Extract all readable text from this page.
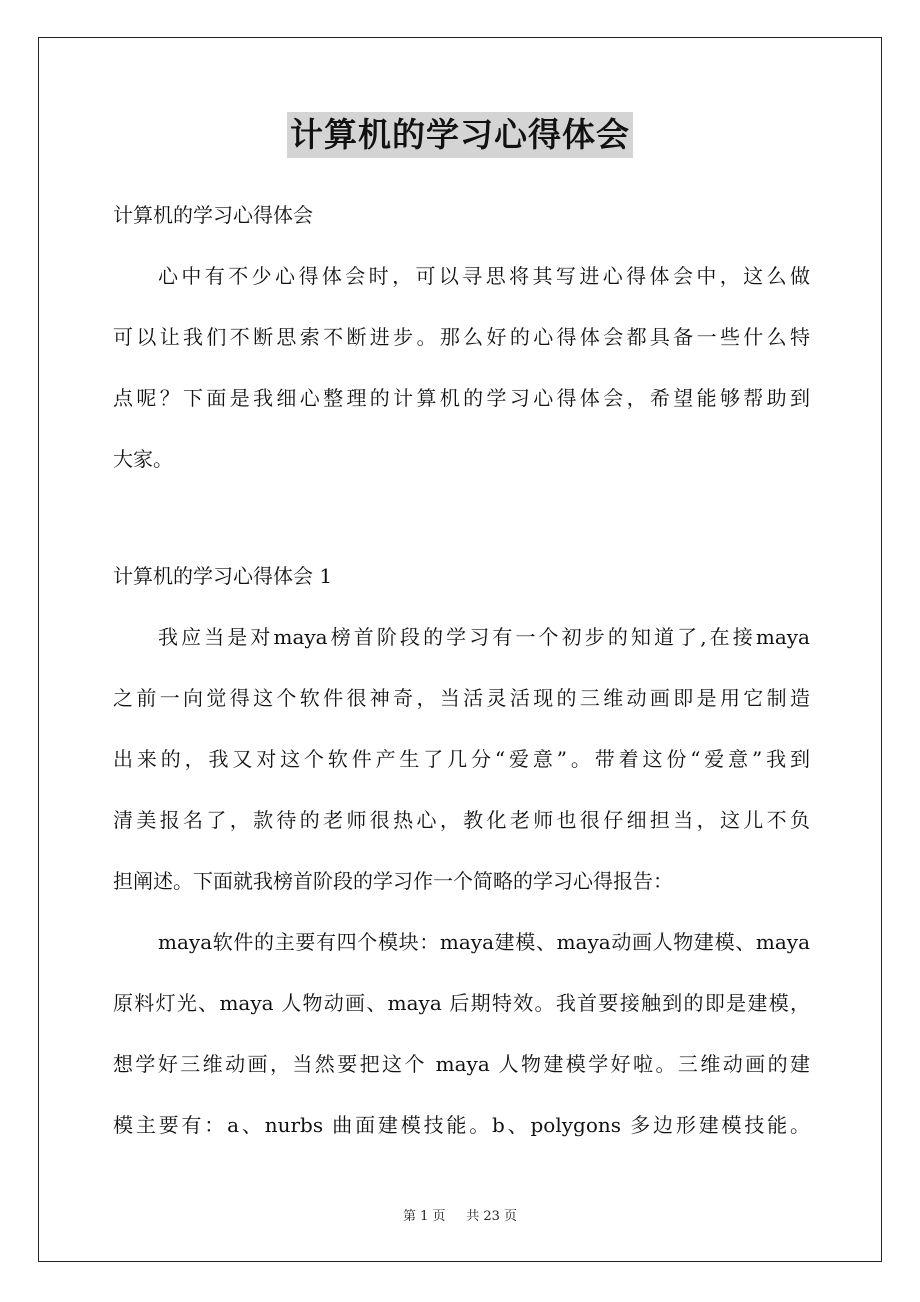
计算机的学习心得体会
计算机的学习心得体会
心中有不少心得体会时，可以寻思将其写进心得体会中，这么做
可以让我们不断思索不断进步。那么好的心得体会都具备一些什么特
点呢？下面是我细心整理的计算机的学习心得体会，希望能够帮助到
大家。
计算机的学习心得体会 1
我应当是对maya榜首阶段的学习有一个初步的知道了,在接maya
之前一向觉得这个软件很神奇，当活灵活现的三维动画即是用它制造
出来的，我又对这个软件产生了几分“爱意”。带着这份“爱意”我到
清美报名了，款待的老师很热心，教化老师也很仔细担当，这儿不负
担阐述。下面就我榜首阶段的学习作一个简略的学习心得报告：
maya软件的主要有四个模块：maya建模、maya动画人物建模、maya
原料灯光、maya 人物动画、maya 后期特效。我首要接触到的即是建模，
想学好三维动画，当然要把这个 maya 人物建模学好啦。三维动画的建
模主要有：a、nurbs 曲面建模技能。b、polygons 多边形建模技能。
第 1 页 共 23 页
